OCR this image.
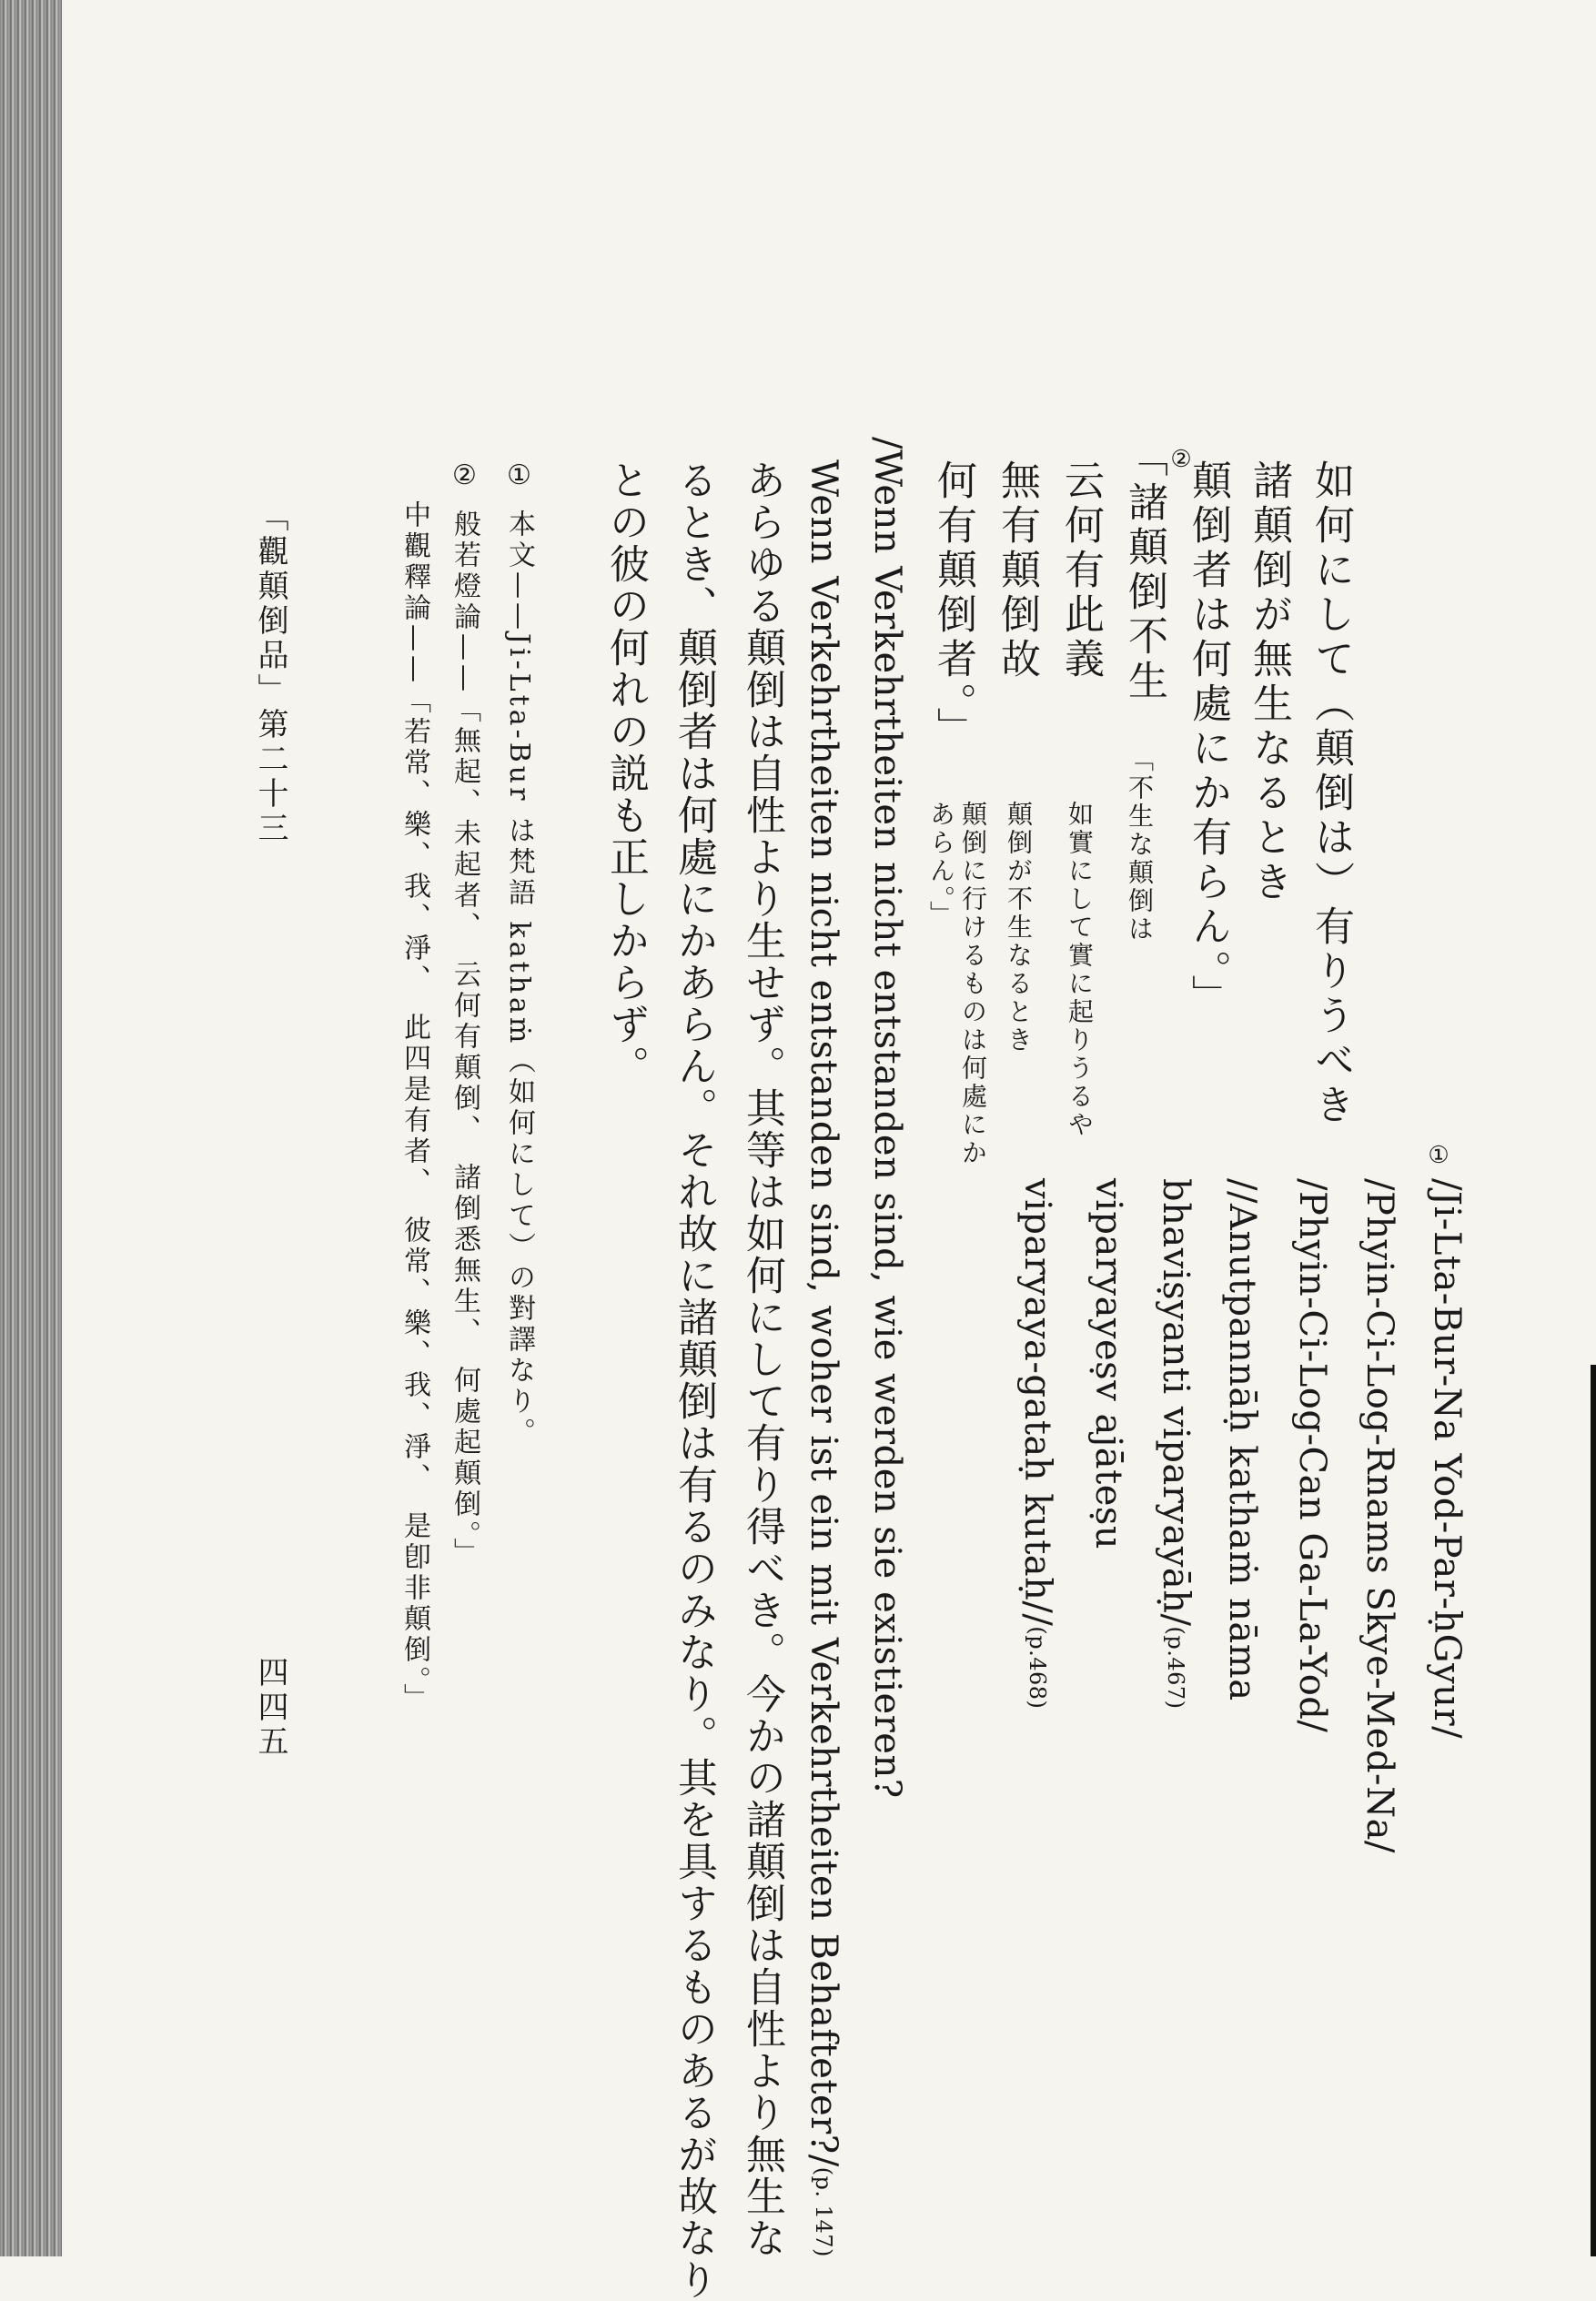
如何にして（顛倒は）有りうべき
①
/Ji-Lta-Bur-Na Yod-Par-ḥGyur/
諸顛倒が無生なるとき
/Phyin-Ci-Log-Rnams Skye-Med-Na/
顛倒者は何處にか有らん。」
/Phyin-Ci-Log-Can Ga-La-Yod/
「諸顛倒不生 ②
「不生な顛倒は
//Anutpannāḥ kathaṁ nāma
云何有此義
如實にして實に起りうるや
bhaviṣyanti viparyayāḥ/(p.467)
無有顛倒故
顛倒が不生なるとき
viparyayeṣv ajāteṣu
何有顛倒者。」
顛倒に行けるものは何處にか
あらん。」
viparyaya-gataḥ kutaḥ//(p.468)
/Wenn Verkehrtheiten nicht entstanden sind, wie werden sie existieren?
Wenn Verkehrtheiten nicht entstanden sind, woher ist ein mit Verkehrtheiten Behafteter?/(p. 147)
あらゆる顛倒は自性より生せず。其等は如何にして有り得べき。今かの諸顛倒は自性より無生な
るとき、顛倒者は何處にかあらん。それ故に諸顛倒は有るのみなり。其を具するものあるが故なり
との彼の何れの説も正しからず。
①本文——Ji-Lta-Bur は梵語 kathaṁ（如何にして）の對譯なり。
②般若燈論——「無起、未起者、　云何有顛倒、　諸倒悉無生、　何處起顛倒。」
中觀釋論——「若常、樂、我、淨、　此四是有者、　彼常、樂、我、淨、　是卽非顛倒。」
「觀顛倒品」第二十三
四四五
